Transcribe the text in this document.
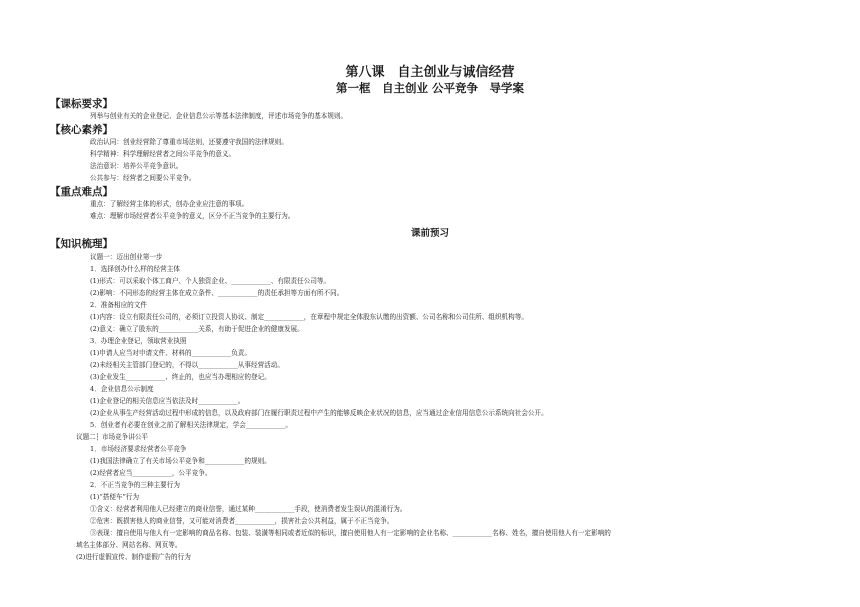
第八课　自主创业与诚信经营
第一框　自主创业 公平竞争　导学案
课前预习
【课标要求】
列举与创业有关的企业登记、企业信息公示等基本法律制度，评述市场竞争的基本规则。
【核心素养】
政治认同：创业经营除了尊重市场法则，还要遵守我国的法律规则。
科学精神：科学理解经营者之间公平竞争的意义。
法治意识：培养公平竞争意识。
公共参与：经营者之间要公平竞争。
【重点难点】
重点：了解经营主体的形式，创办企业应注意的事项。
难点：理解市场经营者公平竞争的意义，区分不正当竞争的主要行为。
【知识梳理】
议题一：迈出创业第一步
1．选择创办什么样的经营主体
(1)形式：可以采取个体工商户、个人独资企业、____________、有限责任公司等。
(2)影响：不同形态的经营主体在成立条件、____________的责任承担等方面有所不同。
2．准备相应的文件
(1)内容：设立有限责任公司的，必须订立投资人协议、制定____________，在章程中规定全体股东认缴的出资额、公司名称和公司住所、组织机构等。
(2)意义：确立了股东的____________关系，有助于促进企业的健康发展。
3．办理企业登记，领取营业执照
(1)申请人应当对申请文件、材料的____________负责。
(2)未经相关主管部门登记的，不得以____________从事经营活动。
(3)企业发生____________、终止的，也应当办理相应的登记。
4．企业信息公示制度
(1)企业登记的相关信息应当依法及时____________。
(2)企业从事生产经营活动过程中形成的信息，以及政府部门在履行职责过程中产生的能够反映企业状况的信息，应当通过企业信用信息公示系统向社会公开。
5．创业者有必要在创业之前了解相关法律规定，学会____________。
议题二┆ 市场竞争讲公平
1．市场经济要求经营者公平竞争
(1)我国法律确立了有关市场公平竞争和____________的规则。
(2)经营者应当____________，公平竞争。
2．不正当竞争的三种主要行为
(1)“搭便车”行为
①含义：经营者利用他人已经建立的商业信誉，通过某种____________手段，使消费者发生误认的混淆行为。
②危害：既损害他人的商业信誉，又可能对消费者____________，损害社会公共利益，属于不正当竞争。
③表现：擅自使用与他人有一定影响的商品名称、包装、装潢等相同或者近似的标识，擅自使用他人有一定影响的企业名称、____________名称、姓名，擅自使用他人有一定影响的
域名主体部分、网站名称、网页等。
(2)进行虚假宣传、制作虚假广告的行为
